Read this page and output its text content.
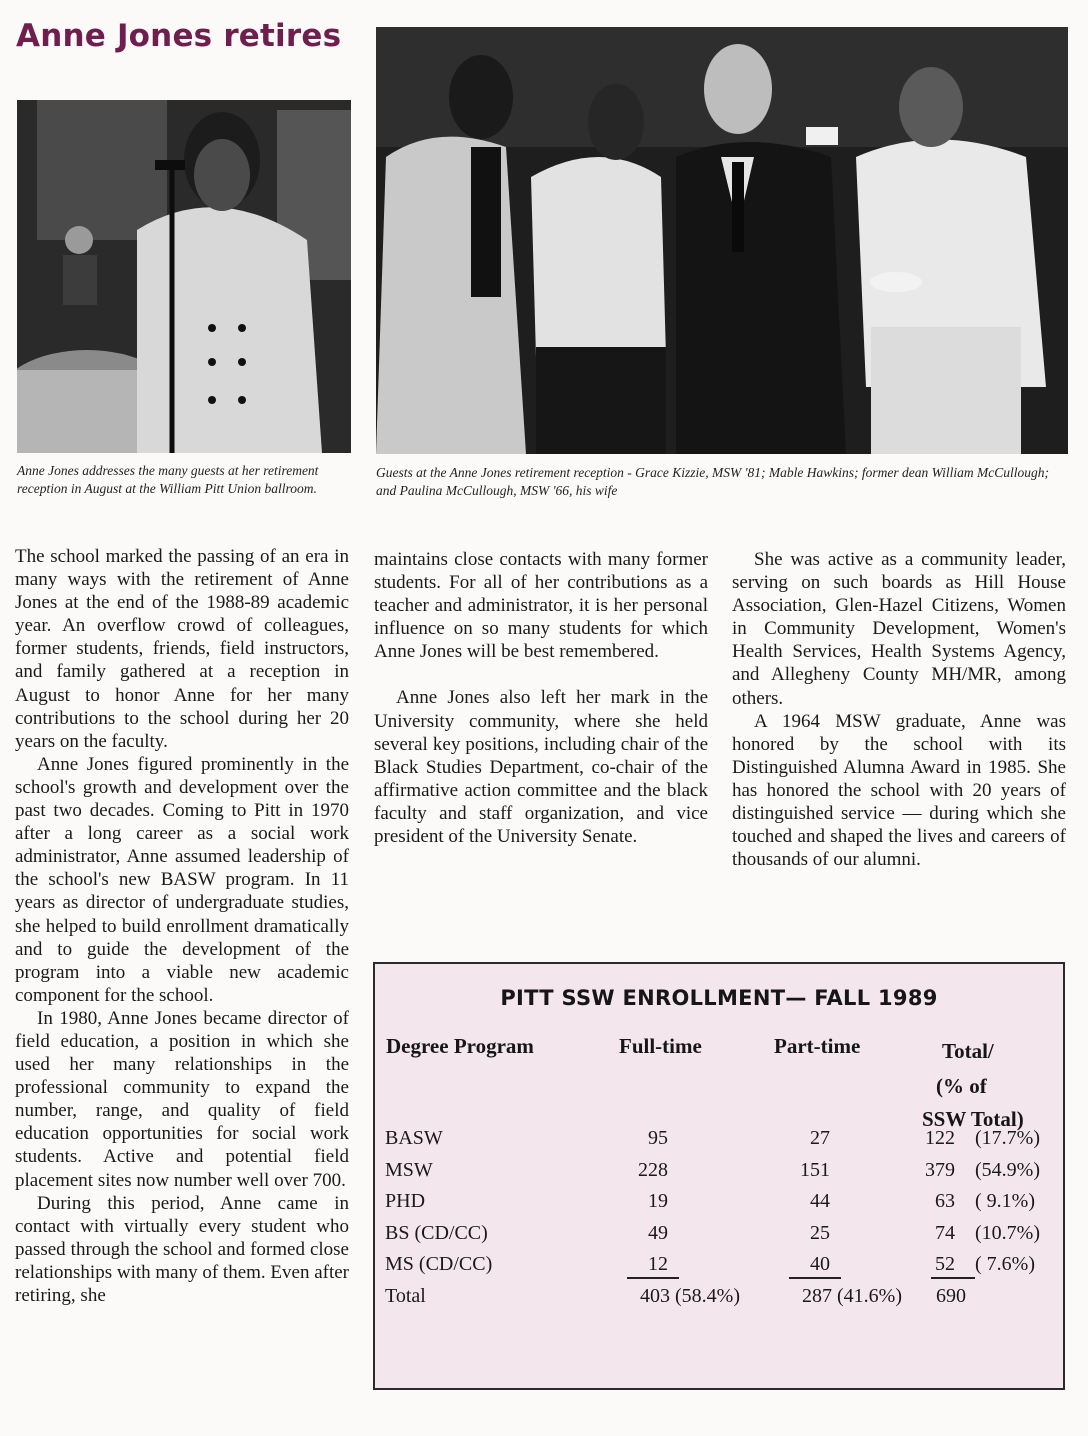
Anne Jones retires

Anne Jones addresses the many guests at her retirement reception in August at the William Pitt Union ballroom.

Guests at the Anne Jones retirement reception - Grace Kizzie, MSW '81; Mable Hawkins; former dean William McCullough; and Paulina McCullough, MSW '66, his wife

The school marked the passing of an era in many ways with the retirement of Anne Jones at the end of the 1988-89 academic year. An overflow crowd of colleagues, former students, friends, field instructors, and family gathered at a reception in August to honor Anne for her many contributions to the school during her 20 years on the faculty.

Anne Jones figured prominently in the school's growth and development over the past two decades. Coming to Pitt in 1970 after a long career as a social work administrator, Anne assumed leadership of the school's new BASW program. In 11 years as director of undergraduate studies, she helped to build enrollment dramatically and to guide the development of the program into a viable new academic component for the school.

In 1980, Anne Jones became director of field education, a position in which she used her many relationships in the professional community to expand the number, range, and quality of field education opportunities for social work students. Active and potential field placement sites now number well over 700.

During this period, Anne came in contact with virtually every student who passed through the school and formed close relationships with many of them. Even after retiring, she

maintains close contacts with many former students. For all of her contributions as a teacher and administrator, it is her personal influence on so many students for which Anne Jones will be best remembered.

Anne Jones also left her mark in the University community, where she held several key positions, including chair of the Black Studies Department, co-chair of the affirmative action committee and the black faculty and staff organization, and vice president of the University Senate.

She was active as a community leader, serving on such boards as Hill House Association, Glen-Hazel Citizens, Women in Community Development, Women's Health Services, Health Systems Agency, and Allegheny County MH/MR, among others.

A 1964 MSW graduate, Anne was honored by the school with its Distinguished Alumna Award in 1985. She has honored the school with 20 years of distinguished service — during which she touched and shaped the lives and careers of thousands of our alumni.

PITT SSW ENROLLMENT— FALL 1989
Degree Program	Full-time	Part-time	Total/
(% of
SSW Total)
BASW	95	27	122 (17.7%)
MSW	228	151	379 (54.9%)
PHD	19	44	63 ( 9.1%)
BS (CD/CC)	49	25	74 (10.7%)
MS (CD/CC)	12	40	52 ( 7.6%)
Total	403 (58.4%)	287 (41.6%) 690
